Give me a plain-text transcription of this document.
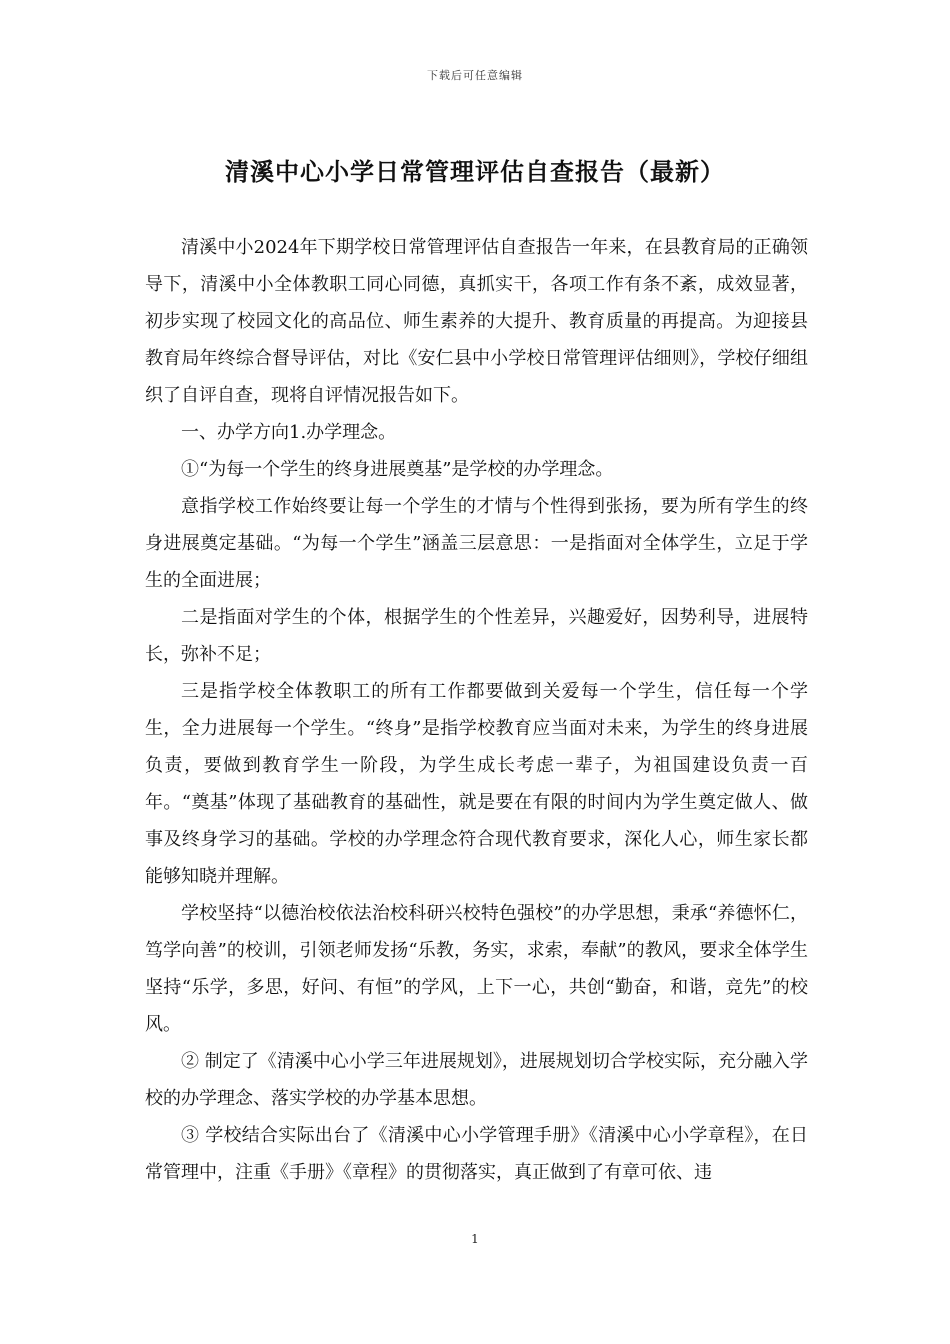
下载后可任意编辑
清溪中心小学日常管理评估自查报告（最新）

清溪中小2024年下期学校日常管理评估自查报告一年来，在县教育局的正确领导下，清溪中小全体教职工同心同德，真抓实干，各项工作有条不紊，成效显著，初步实现了校园文化的高品位、师生素养的大提升、教育质量的再提高。为迎接县教育局年终综合督导评估，对比《安仁县中小学校日常管理评估细则》，学校仔细组织了自评自查，现将自评情况报告如下。

一、办学方向1.办学理念。

①“为每一个学生的终身进展奠基”是学校的办学理念。

意指学校工作始终要让每一个学生的才情与个性得到张扬，要为所有学生的终身进展奠定基础。“为每一个学生”涵盖三层意思：一是指面对全体学生，立足于学生的全面进展；

二是指面对学生的个体，根据学生的个性差异，兴趣爱好，因势利导，进展特长，弥补不足；

三是指学校全体教职工的所有工作都要做到关爱每一个学生，信任每一个学生，全力进展每一个学生。“终身”是指学校教育应当面对未来，为学生的终身进展负责，要做到教育学生一阶段，为学生成长考虑一辈子，为祖国建设负责一百年。“奠基”体现了基础教育的基础性，就是要在有限的时间内为学生奠定做人、做事及终身学习的基础。学校的办学理念符合现代教育要求，深化人心，师生家长都能够知晓并理解。

学校坚持“以德治校依法治校科研兴校特色强校”的办学思想，秉承“养德怀仁，笃学向善”的校训，引领老师发扬“乐教，务实，求索，奉献”的教风，要求全体学生坚持“乐学，多思，好问、有恒”的学风，上下一心，共创“勤奋，和谐，竞先”的校风。

② 制定了《清溪中心小学三年进展规划》，进展规划切合学校实际，充分融入学校的办学理念、落实学校的办学基本思想。

③ 学校结合实际出台了《清溪中心小学管理手册》《清溪中心小学章程》，在日常管理中，注重《手册》《章程》的贯彻落实，真正做到了有章可依、违

1
